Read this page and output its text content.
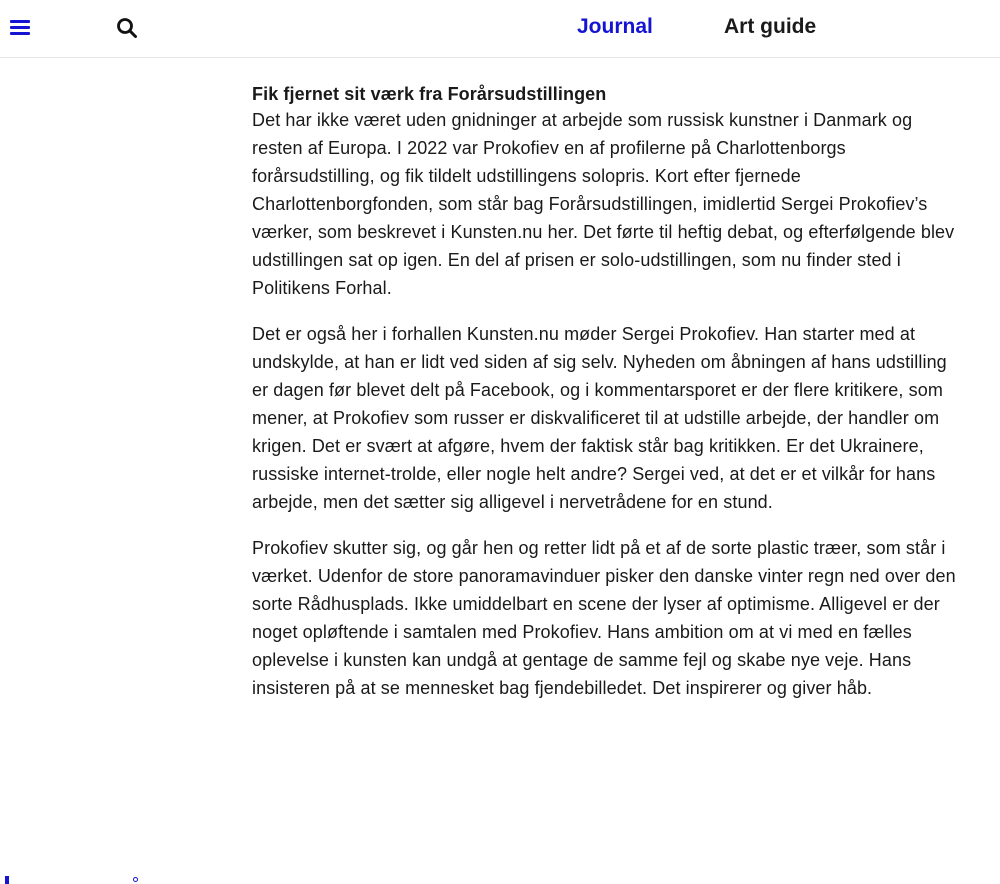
Journal	Art guide
Fik fjernet sit værk fra Forårsudstillingen

Det har ikke været uden gnidninger at arbejde som russisk kunstner i Danmark og resten af Europa. I 2022 var Prokofiev en af profilerne på Charlottenborgs forårsudstilling, og fik tildelt udstillingens solopris. Kort efter fjernede Charlottenborgfonden, som står bag Forårsudstillingen, imidlertid Sergei Prokofiev’s værker, som beskrevet i Kunsten.nu her. Det førte til heftig debat, og efterfølgende blev udstillingen sat op igen. En del af prisen er solo-udstillingen, som nu finder sted i Politikens Forhal.

Det er også her i forhallen Kunsten.nu møder Sergei Prokofiev. Han starter med at undskylde, at han er lidt ved siden af sig selv. Nyheden om åbningen af hans udstilling er dagen før blevet delt på Facebook, og i kommentarsporet er der flere kritikere, som mener, at Prokofiev som russer er diskvalificeret til at udstille arbejde, der handler om krigen. Det er svært at afgøre, hvem der faktisk står bag kritikken. Er det Ukrainere, russiske internet-trolde, eller nogle helt andre? Sergei ved, at det er et vilkår for hans arbejde, men det sætter sig alligevel i nervetrådene for en stund.

Prokofiev skutter sig, og går hen og retter lidt på et af de sorte plastic træer, som står i værket. Udenfor de store panoramavinduer pisker den danske vinter regn ned over den sorte Rådhusplads. Ikke umiddelbart en scene der lyser af optimisme. Alligevel er der noget opløftende i samtalen med Prokofiev. Hans ambition om at vi med en fælles oplevelse i kunsten kan undgå at gentage de samme fejl og skabe nye veje. Hans insisteren på at se mennesket bag fjendebilledet. Det inspirerer og giver håb.
